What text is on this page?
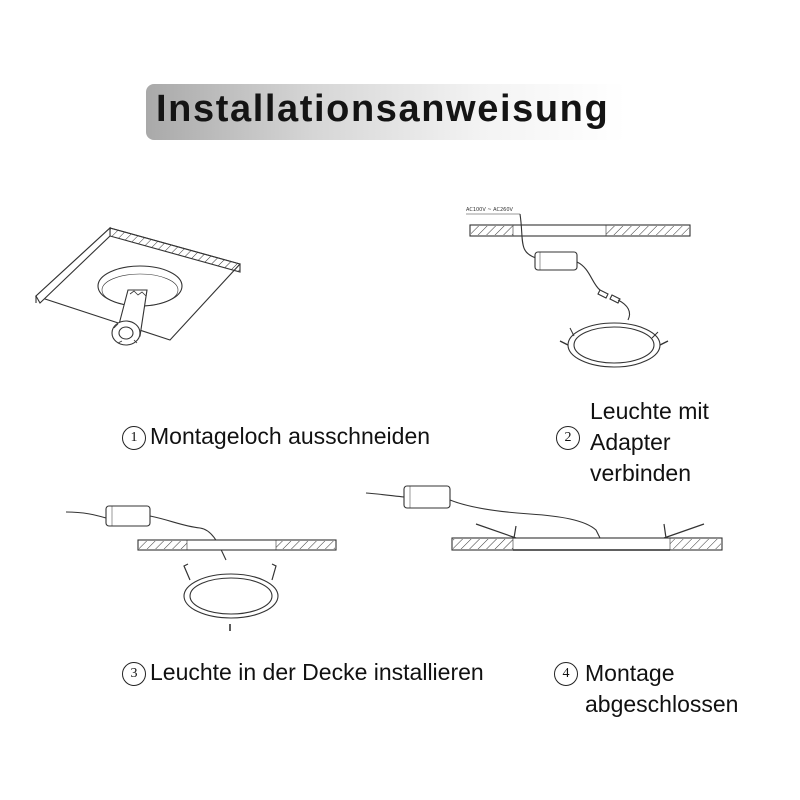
Installationsanweisung
AC100V ~ AC260V
1 Montageloch ausschneiden	2
Leuchte mit
Adapter
verbinden
3 Leuchte in der Decke installieren	4 Montage
abgeschlossen
